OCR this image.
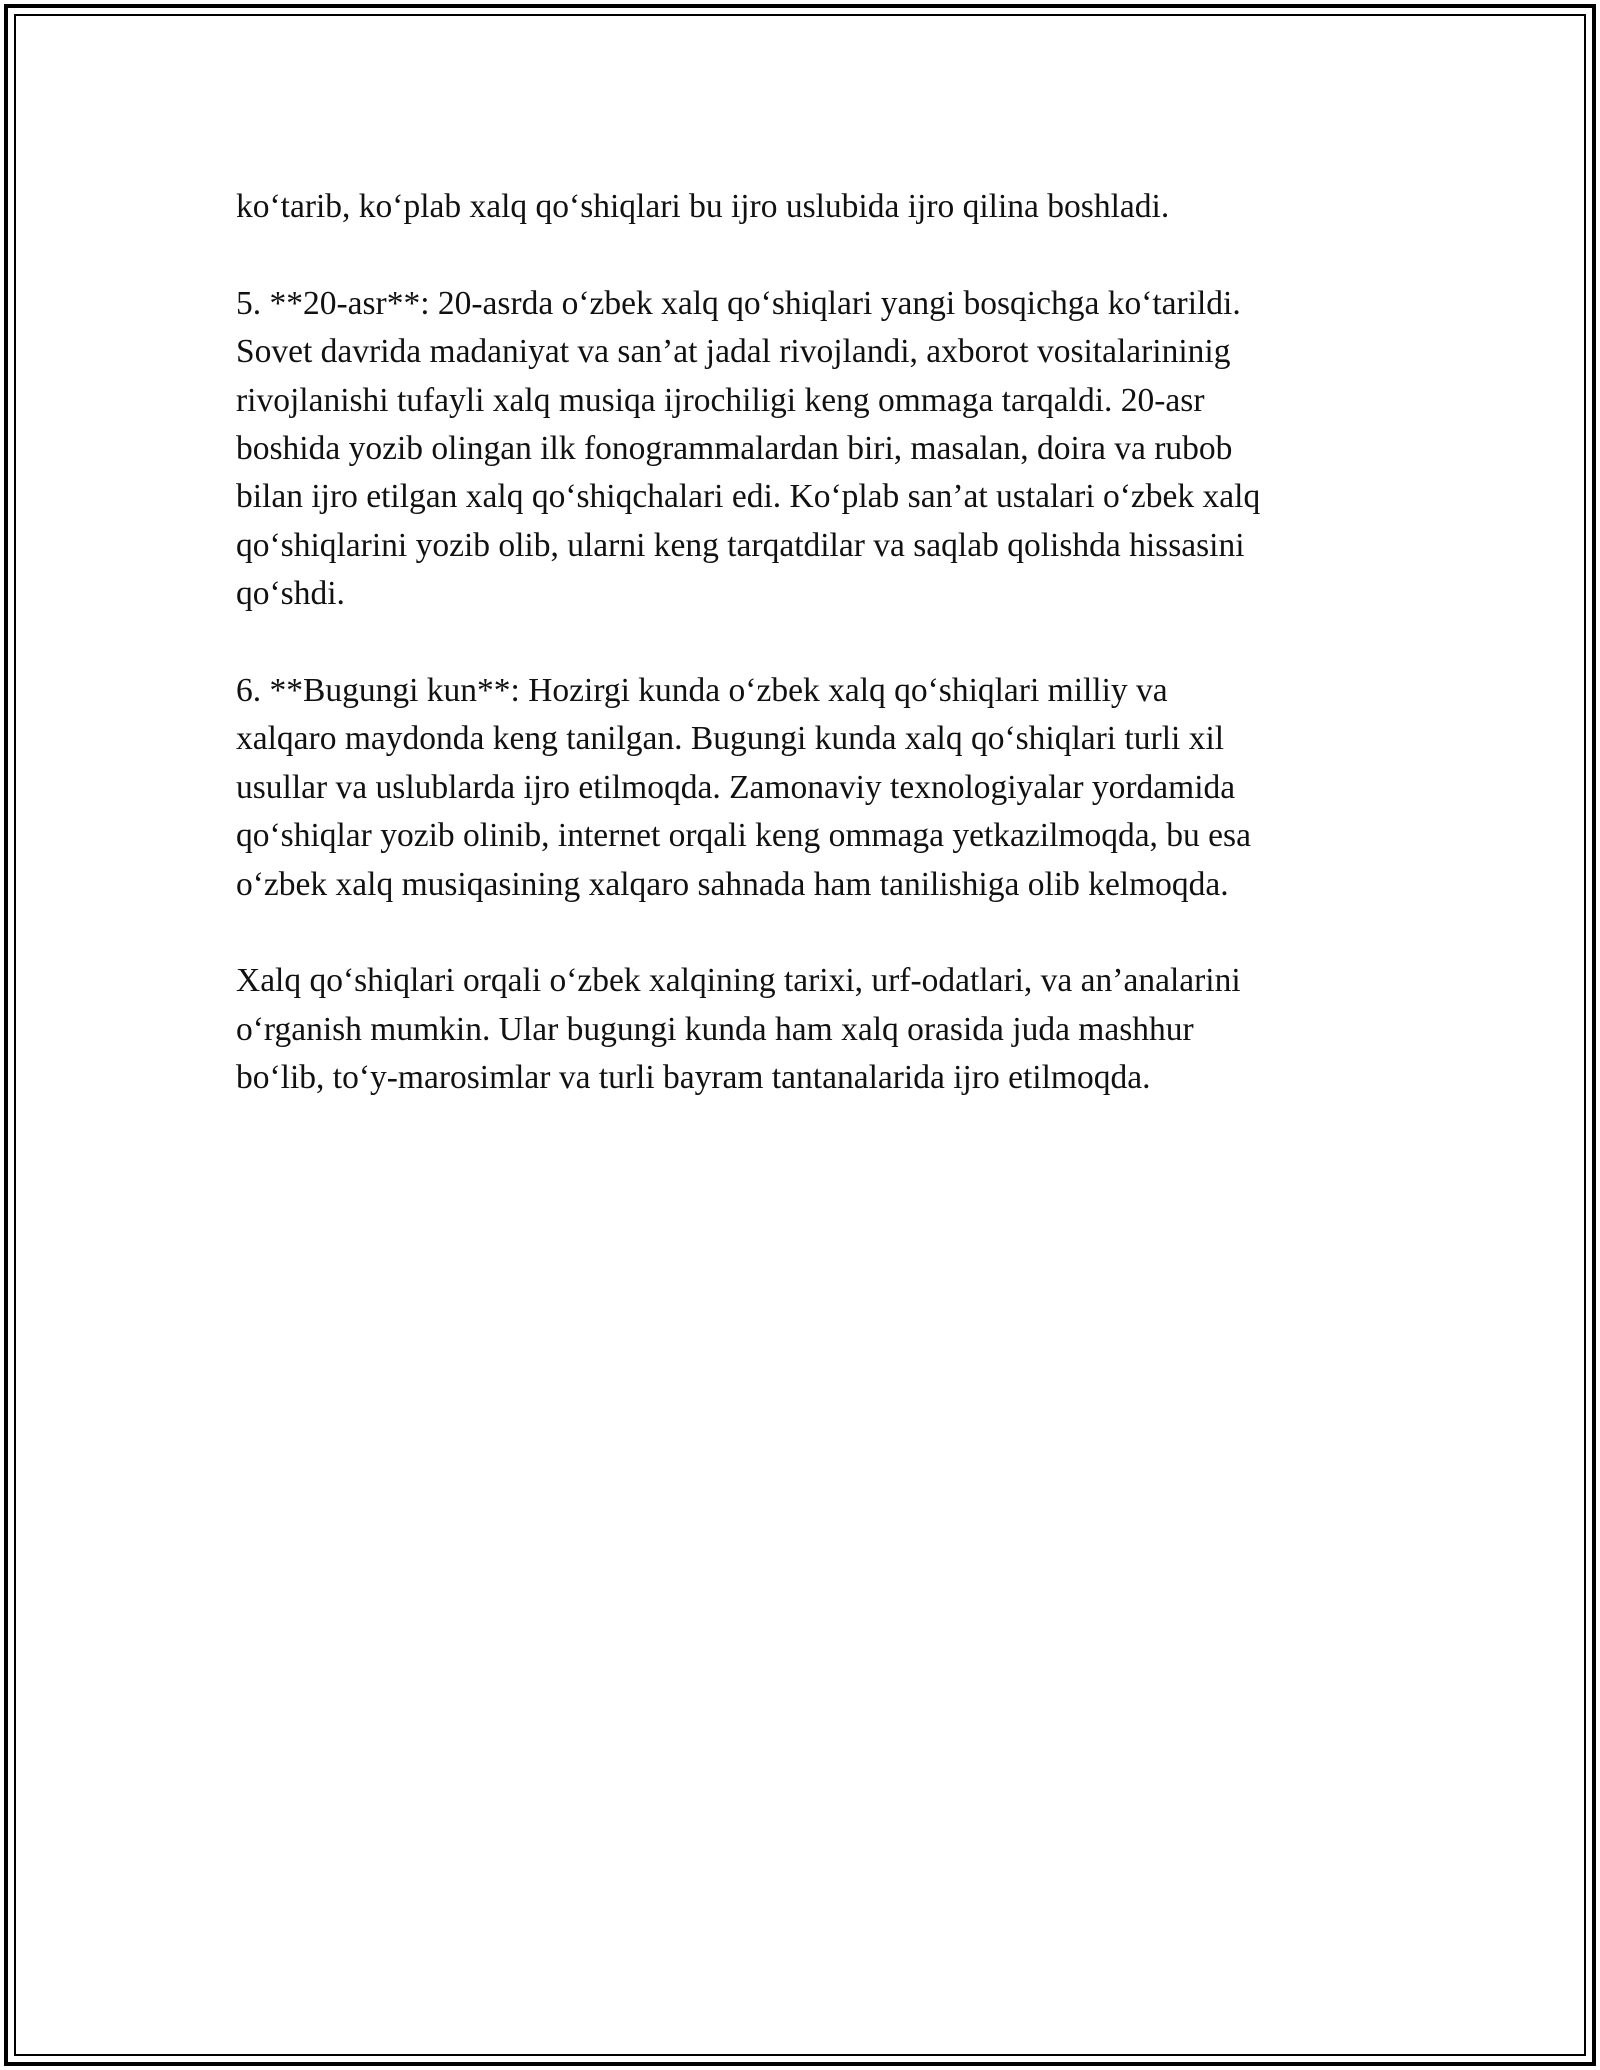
ko‘tarib, ko‘plab xalq qo‘shiqlari bu ijro uslubida ijro qilina boshladi.

5. **20-asr**: 20-asrda o‘zbek xalq qo‘shiqlari yangi bosqichga ko‘tarildi.
Sovet davrida madaniyat va san’at jadal rivojlandi, axborot vositalarininig
rivojlanishi tufayli xalq musiqa ijrochiligi keng ommaga tarqaldi. 20-asr
boshida yozib olingan ilk fonogrammalardan biri, masalan, doira va rubob
bilan ijro etilgan xalq qo‘shiqchalari edi. Ko‘plab san’at ustalari o‘zbek xalq
qo‘shiqlarini yozib olib, ularni keng tarqatdilar va saqlab qolishda hissasini
qo‘shdi.

6. **Bugungi kun**: Hozirgi kunda o‘zbek xalq qo‘shiqlari milliy va
xalqaro maydonda keng tanilgan. Bugungi kunda xalq qo‘shiqlari turli xil
usullar va uslublarda ijro etilmoqda. Zamonaviy texnologiyalar yordamida
qo‘shiqlar yozib olinib, internet orqali keng ommaga yetkazilmoqda, bu esa
o‘zbek xalq musiqasining xalqaro sahnada ham tanilishiga olib kelmoqda.

Xalq qo‘shiqlari orqali o‘zbek xalqining tarixi, urf-odatlari, va an’analarini
o‘rganish mumkin. Ular bugungi kunda ham xalq orasida juda mashhur
bo‘lib, to‘y-marosimlar va turli bayram tantanalarida ijro etilmoqda.
